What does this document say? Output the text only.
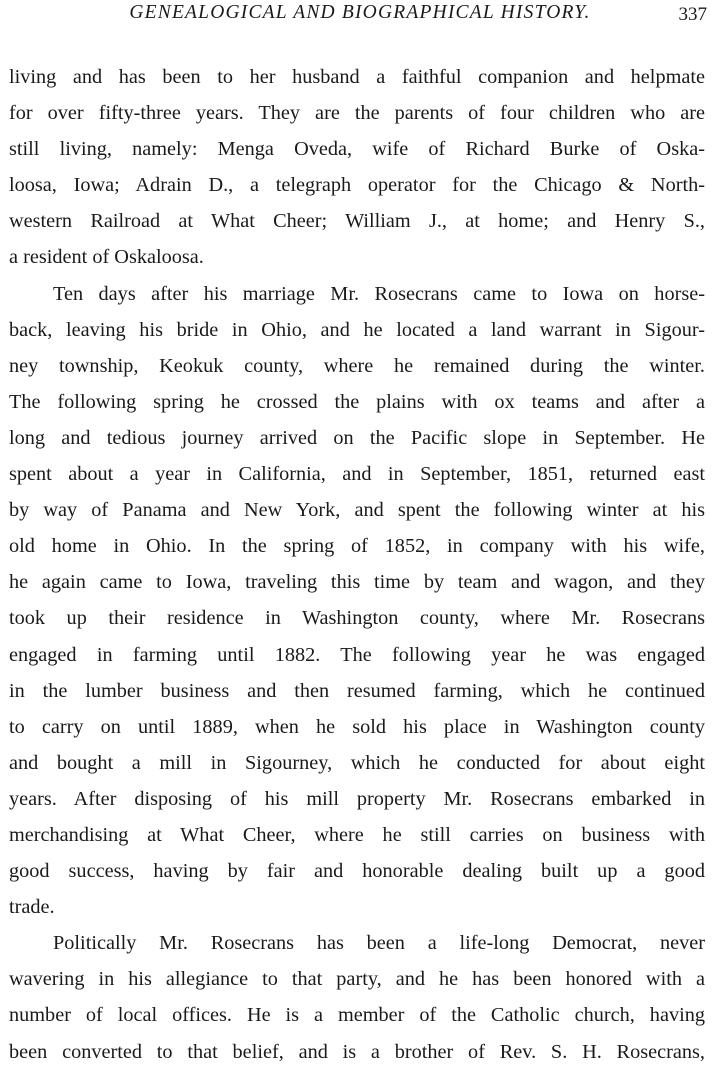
GENEALOGICAL AND BIOGRAPHICAL HISTORY.	337
living and has been to her husband a faithful companion and helpmate
for over fifty-three years. They are the parents of four children who are
still living, namely: Menga Oveda, wife of Richard Burke of Oska-
loosa, Iowa; Adrain D., a telegraph operator for the Chicago & North-
western Railroad at What Cheer; William J., at home; and Henry S.,
a resident of Oskaloosa.
Ten days after his marriage Mr. Rosecrans came to Iowa on horse-
back, leaving his bride in Ohio, and he located a land warrant in Sigour-
ney township, Keokuk county, where he remained during the winter.
The following spring he crossed the plains with ox teams and after a
long and tedious journey arrived on the Pacific slope in September. He
spent about a year in California, and in September, 1851, returned east
by way of Panama and New York, and spent the following winter at his
old home in Ohio. In the spring of 1852, in company with his wife,
he again came to Iowa, traveling this time by team and wagon, and they
took up their residence in Washington county, where Mr. Rosecrans
engaged in farming until 1882. The following year he was engaged
in the lumber business and then resumed farming, which he continued
to carry on until 1889, when he sold his place in Washington county
and bought a mill in Sigourney, which he conducted for about eight
years. After disposing of his mill property Mr. Rosecrans embarked in
merchandising at What Cheer, where he still carries on business with
good success, having by fair and honorable dealing built up a good
trade.
Politically Mr. Rosecrans has been a life-long Democrat, never
wavering in his allegiance to that party, and he has been honored with a
number of local offices. He is a member of the Catholic church, having
been converted to that belief, and is a brother of Rev. S. H. Rosecrans,
